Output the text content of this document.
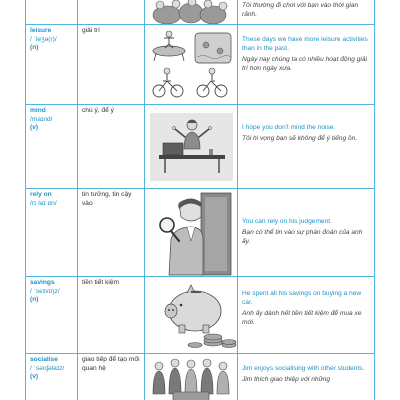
Tôi thường đi chơi với bạn vào thời gian rảnh.

leisure
/ ˈleʒə(r)/
(n)	giải trí		These days we have more leisure activities than in the past.
Ngày nay chúng ta có nhiều hoạt động giải trí hơn ngày xưa.

mind
/maɪnd/
(v)	chú ý, để ý		I hope you don't mind the noise.
Tôi hi vọng bạn sẽ không để ý tiếng ồn.

rely on
/rɪ laɪ ɒn/	tin tưởng, tin cậy vào		You can rely on his judgement.
Bạn có thể tin vào sự phán đoán của anh ấy.

savings
/ ˈseɪvɪŋz/
(n)	tiền tiết kiệm		He spent all his savings on buying a new car.
Anh ấy dành hết tiền tiết kiệm để mua xe mới.

socialise
/ ˈsəʊʃəlaɪz/
(v)	giao tiếp để tạo mối quan hệ		Jim enjoys socialising with other students.
Jim thích giao thiệp với những
